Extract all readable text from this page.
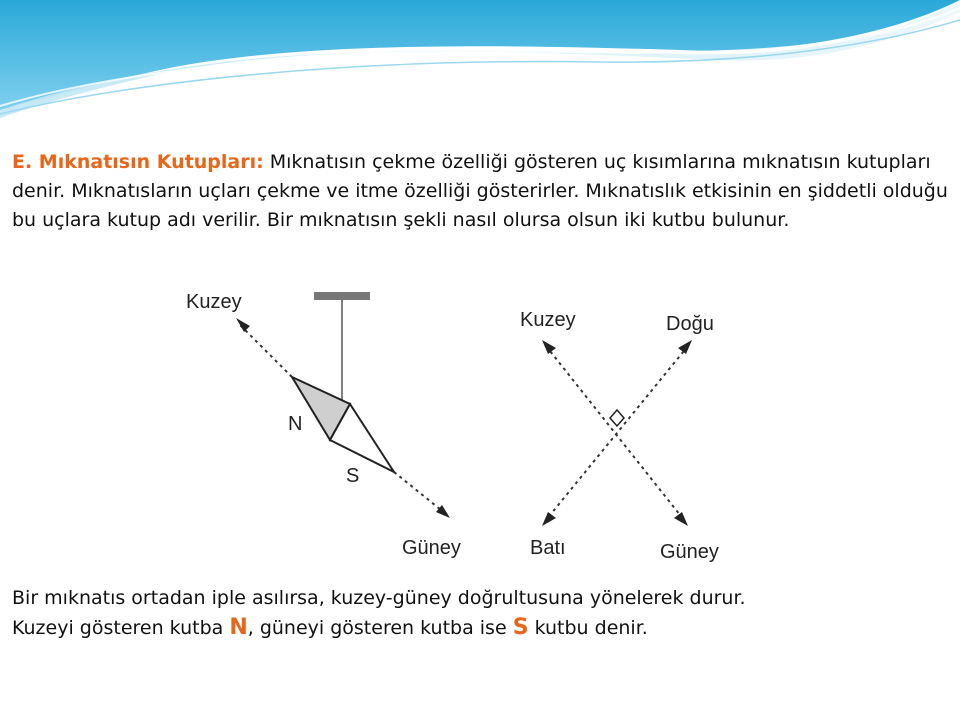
E. Mıknatısın Kutupları: Mıknatısın çekme özelliği gösteren uç kısımlarına mıknatısın kutupları denir. Mıknatısların uçları çekme ve itme özelliği gösterirler. Mıknatıslık etkisinin en şiddetli olduğu bu uçlara kutup adı verilir. Bir mıknatısın şekli nasıl olursa olsun iki kutbu bulunur.

Kuzey
N
S
Güney
Kuzey	Doğu
Batı	Güney
Bir mıknatıs ortadan iple asılırsa, kuzey-güney doğrultusuna yönelerek durur.
Kuzeyi gösteren kutba N, güneyi gösteren kutba ise S kutbu denir.
